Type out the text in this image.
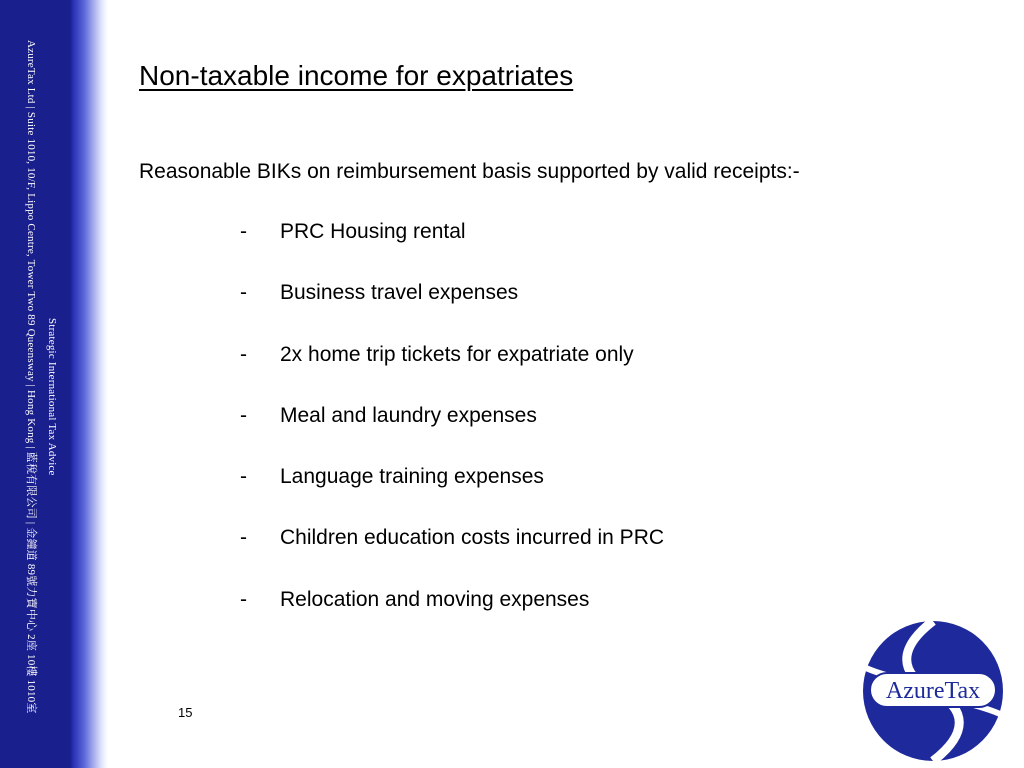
AzureTax Ltd | Suite 1010, 10/F, Lippo Centre, Tower Two 89 Queensway | Hong Kong | 藍稅有限公司 | 金鐘道 89號力寶中心 2座 10樓 1010室 Strategic International Tax Advice
Non-taxable income for expatriates
Reasonable BIKs on reimbursement basis supported by valid receipts:-
-	PRC Housing rental
-	Business travel expenses
-	2x home trip tickets for expatriate only
-	Meal and laundry expenses
-	Language training expenses
-	Children education costs incurred in PRC
-	Relocation and moving expenses
15
AzureTax
